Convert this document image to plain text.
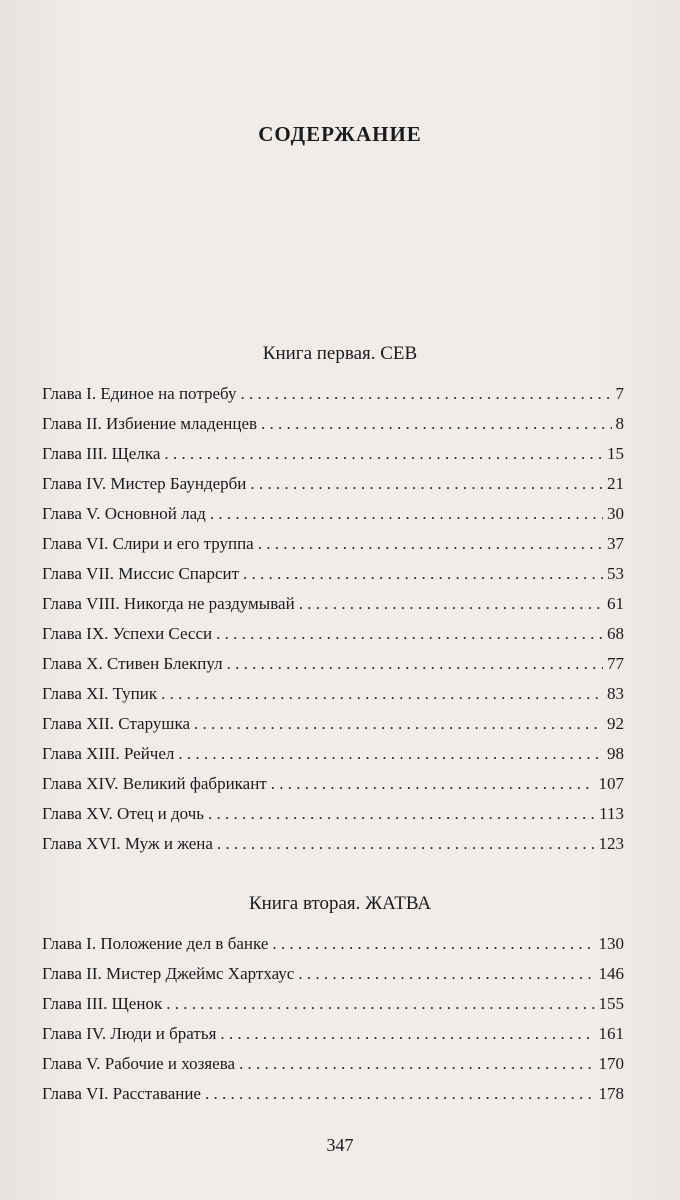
СОДЕРЖАНИЕ
Книга первая. СЕВ
Глава I. Единое на потребу . . .	7
Глава II. Избиение младенцев . . .	8
Глава III. Щелка . . .	15
Глава IV. Мистер Баундерби . . .	21
Глава V. Основной лад . . .	30
Глава VI. Слири и его труппа . . .	37
Глава VII. Миссис Спарсит . . .	53
Глава VIII. Никогда не раздумывай . . .	61
Глава IX. Успехи Сесси . . .	68
Глава X. Стивен Блекпул . . .	77
Глава XI. Тупик . . .	83
Глава XII. Старушка . . .	92
Глава XIII. Рейчел . . .	98
Глава XIV. Великий фабрикант . . .	107
Глава XV. Отец и дочь . . .	113
Глава XVI. Муж и жена . . .	123
Книга вторая. ЖАТВА
Глава I. Положение дел в банке . . .	130
Глава II. Мистер Джеймс Хартхаус . . .	146
Глава III. Щенок . . .	155
Глава IV. Люди и братья . . .	161
Глава V. Рабочие и хозяева . . .	170
Глава VI. Расставание . . .	178
347
